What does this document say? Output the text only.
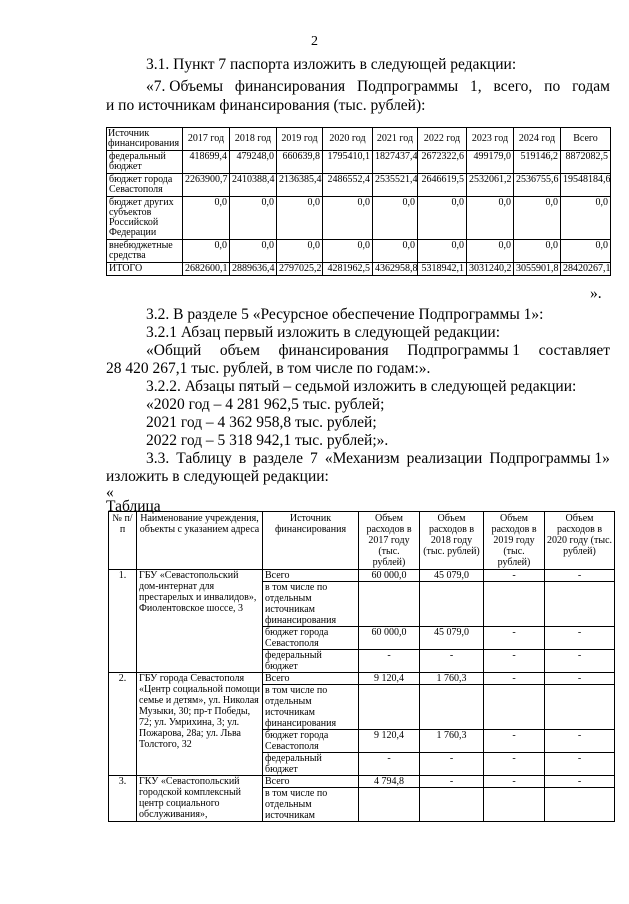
2
3.1. Пункт 7 паспорта изложить в следующей редакции:
«7. Объемы финансирования Подпрограммы 1, всего, по годам
и по источникам финансирования (тыс. рублей):
Источник финансирования	2017 год	2018 год	2019 год	2020 год	2021 год	2022 год	2023 год	2024 год	Всего
федеральный бюджет	418699,4	479248,0	660639,8	1795410,1	1827437,4	2672322,6	499179,0	519146,2	8872082,5
бюджет города Севастополя	2263900,7	2410388,4	2136385,4	2486552,4	2535521,4	2646619,5	2532061,2	2536755,6	19548184,6
бюджет других субъектов Российской Федерации	0,0	0,0	0,0	0,0	0,0	0,0	0,0	0,0	0,0
внебюджетные средства	0,0	0,0	0,0	0,0	0,0	0,0	0,0	0,0	0,0
ИТОГО	2682600,1	2889636,4	2797025,2	4281962,5	4362958,8	5318942,1	3031240,2	3055901,8	28420267,1
».
3.2. В разделе 5 «Ресурсное обеспечение Подпрограммы 1»:
3.2.1 Абзац первый изложить в следующей редакции:
«Общий объем финансирования Подпрограммы 1 составляет
28 420 267,1 тыс. рублей, в том числе по годам:».
3.2.2. Абзацы пятый – седьмой изложить в следующей редакции:
«2020 год – 4 281 962,5 тыс. рублей;
2021 год – 4 362 958,8 тыс. рублей;
2022 год – 5 318 942,1 тыс. рублей;».
3.3. Таблицу в разделе 7 «Механизм реализации Подпрограммы 1»
изложить в следующей редакции:
«
Таблица
№ п/п	Наименование учреждения, объекты с указанием адреса	Источник финансирования	Объем расходов в 2017 году (тыс. рублей)	Объем расходов в 2018 году (тыс. рублей)	Объем расходов в 2019 году (тыс. рублей)	Объем расходов в 2020 году (тыс. рублей)
1.	ГБУ «Севастопольский дом-интернат для престарелых и инвалидов», Фиолентовское шоссе, 3	Всего	60 000,0	45 079,0	-	-
		в том числе по отдельным источникам финансирования				
		бюджет города Севастополя	60 000,0	45 079,0	-	-
		федеральный бюджет	-	-	-	-
2.	ГБУ города Севастополя «Центр социальной помощи семье и детям», ул. Николая Музыки, 30; пр-т Победы, 72; ул. Умрихина, 3; ул. Пожарова, 28а; ул. Льва Толстого, 32	Всего	9 120,4	1 760,3	-	-
		в том числе по отдельным источникам финансирования				
		бюджет города Севастополя	9 120,4	1 760,3	-	-
		федеральный бюджет	-	-	-	-
3.	ГКУ «Севастопольский городской комплексный центр социального обслуживания»,	Всего	4 794,8	-	-	-
		в том числе по отдельным источникам				
